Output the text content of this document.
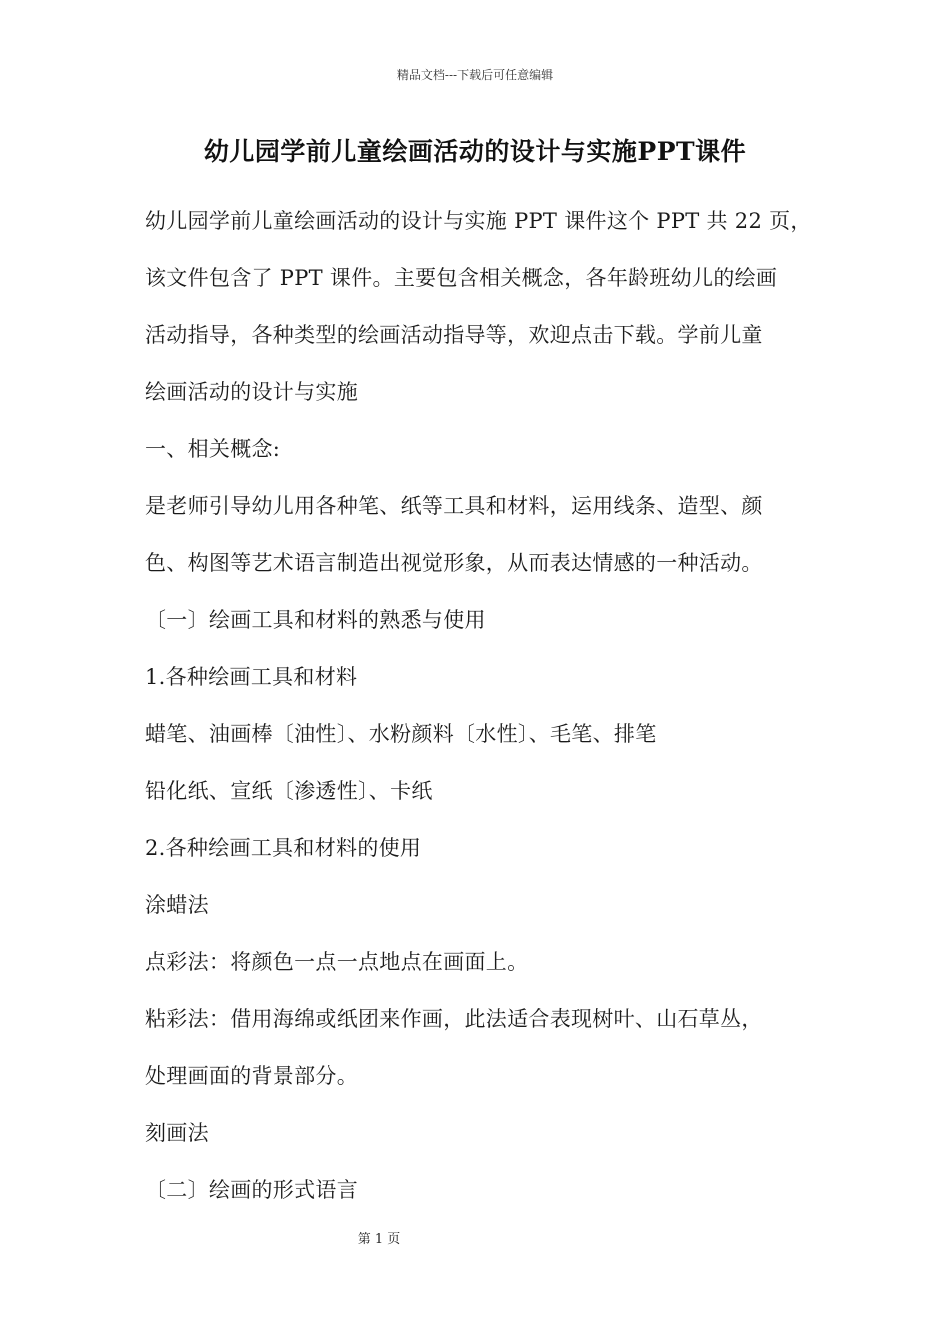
精品文档---下载后可任意编辑
幼儿园学前儿童绘画活动的设计与实施PPT课件
幼儿园学前儿童绘画活动的设计与实施 PPT 课件这个 PPT 共 22 页，
该文件包含了 PPT 课件。主要包含相关概念，各年龄班幼儿的绘画
活动指导，各种类型的绘画活动指导等，欢迎点击下载。学前儿童
绘画活动的设计与实施
一、相关概念:
是老师引导幼儿用各种笔、纸等工具和材料，运用线条、造型、颜
色、构图等艺术语言制造出视觉形象，从而表达情感的一种活动。
〔一〕绘画工具和材料的熟悉与使用
1.各种绘画工具和材料
蜡笔、油画棒〔油性〕、水粉颜料〔水性〕、毛笔、排笔
铅化纸、宣纸〔渗透性〕、卡纸
2.各种绘画工具和材料的使用
涂蜡法
点彩法：将颜色一点一点地点在画面上。
粘彩法：借用海绵或纸团来作画，此法适合表现树叶、山石草丛，
处理画面的背景部分。
刻画法
〔二〕绘画的形式语言
第 1 页
